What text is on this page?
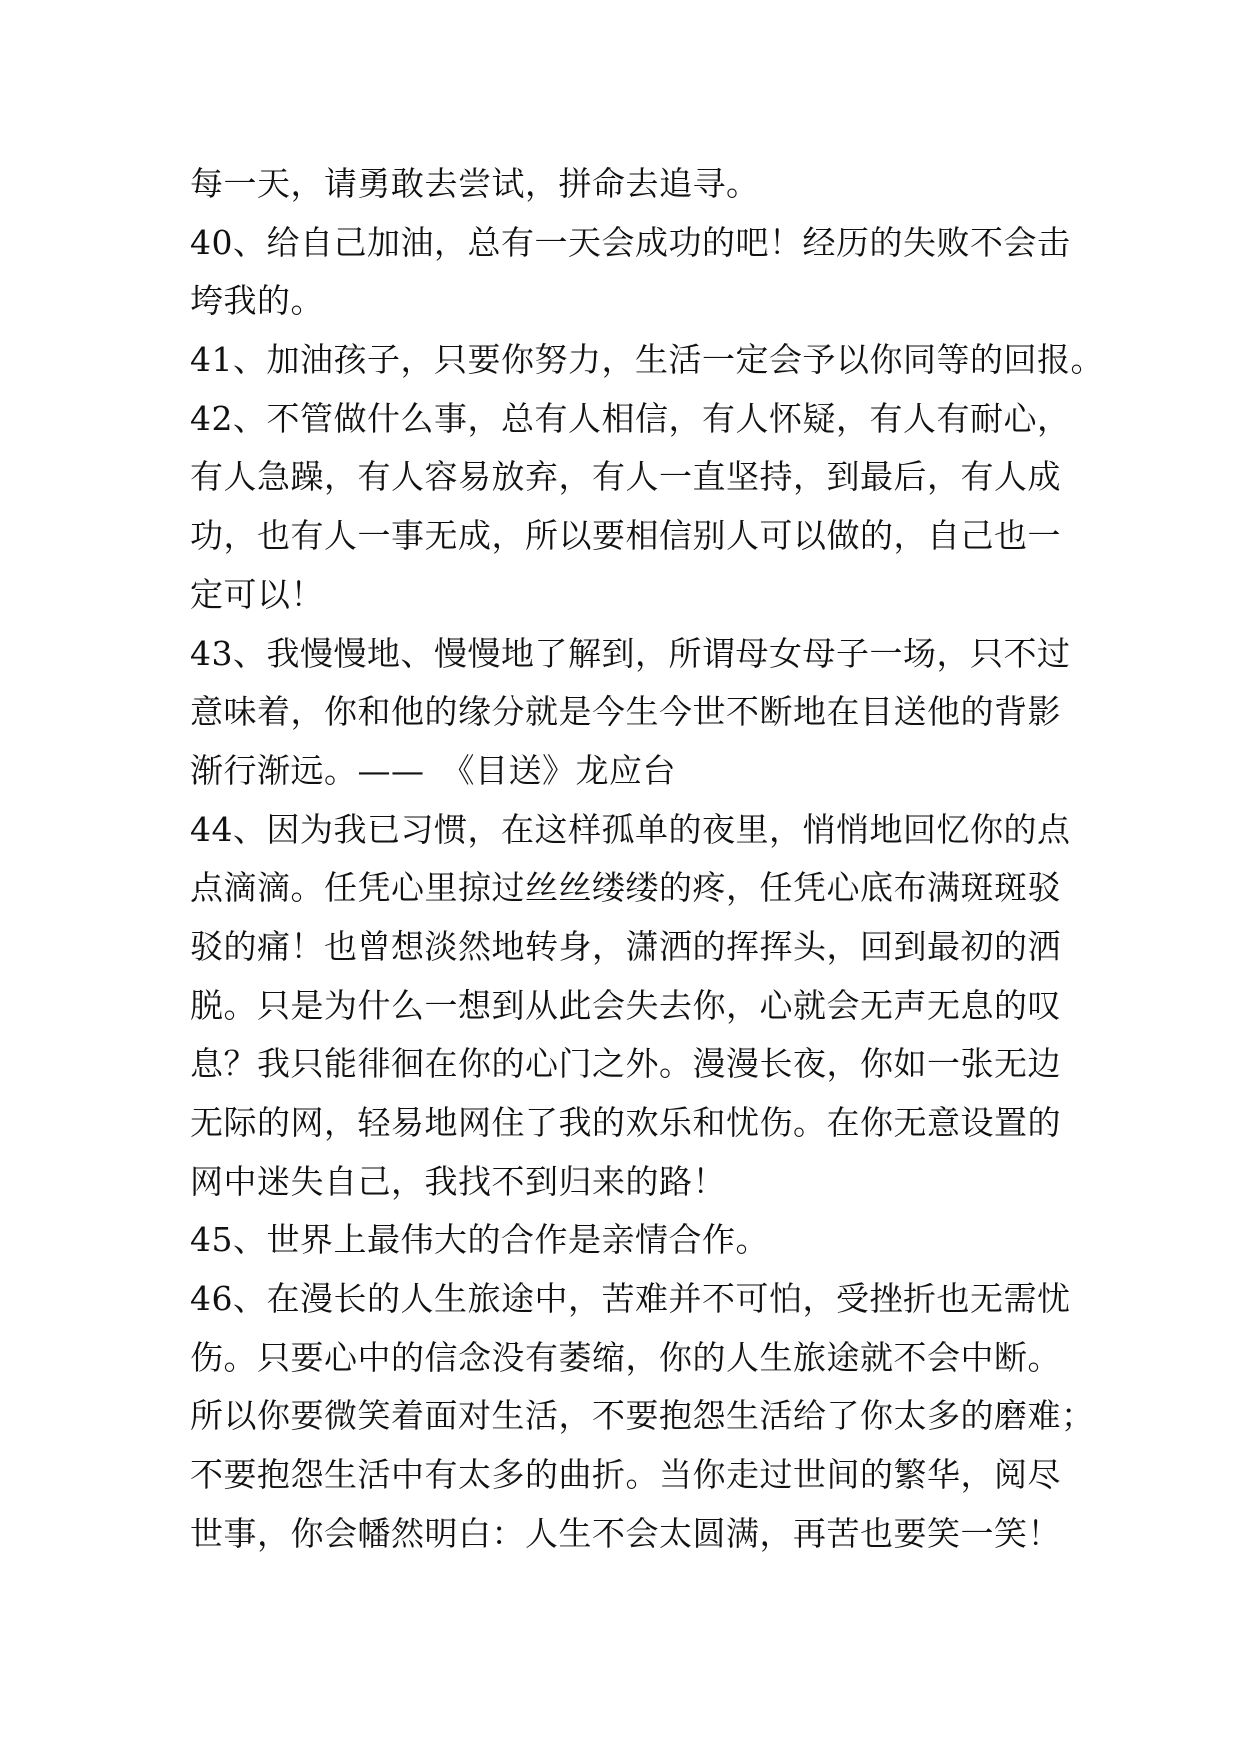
每一天，请勇敢去尝试，拼命去追寻。
40、给自己加油，总有一天会成功的吧！经历的失败不会击
垮我的。
41、加油孩子，只要你努力，生活一定会予以你同等的回报。
42、不管做什么事，总有人相信，有人怀疑，有人有耐心，
有人急躁，有人容易放弃，有人一直坚持，到最后，有人成
功，也有人一事无成，所以要相信别人可以做的，自己也一
定可以！
43、我慢慢地、慢慢地了解到，所谓母女母子一场，只不过
意味着，你和他的缘分就是今生今世不断地在目送他的背影
渐行渐远。——　《目送》龙应台
44、因为我已习惯，在这样孤单的夜里，悄悄地回忆你的点
点滴滴。任凭心里掠过丝丝缕缕的疼，任凭心底布满斑斑驳
驳的痛！也曾想淡然地转身，潇洒的挥挥头，回到最初的洒
脱。只是为什么一想到从此会失去你，心就会无声无息的叹
息？我只能徘徊在你的心门之外。漫漫长夜，你如一张无边
无际的网，轻易地网住了我的欢乐和忧伤。在你无意设置的
网中迷失自己，我找不到归来的路！
45、世界上最伟大的合作是亲情合作。
46、在漫长的人生旅途中，苦难并不可怕，受挫折也无需忧
伤。只要心中的信念没有萎缩，你的人生旅途就不会中断。
所以你要微笑着面对生活，不要抱怨生活给了你太多的磨难；
不要抱怨生活中有太多的曲折。当你走过世间的繁华，阅尽
世事，你会幡然明白：人生不会太圆满，再苦也要笑一笑！
